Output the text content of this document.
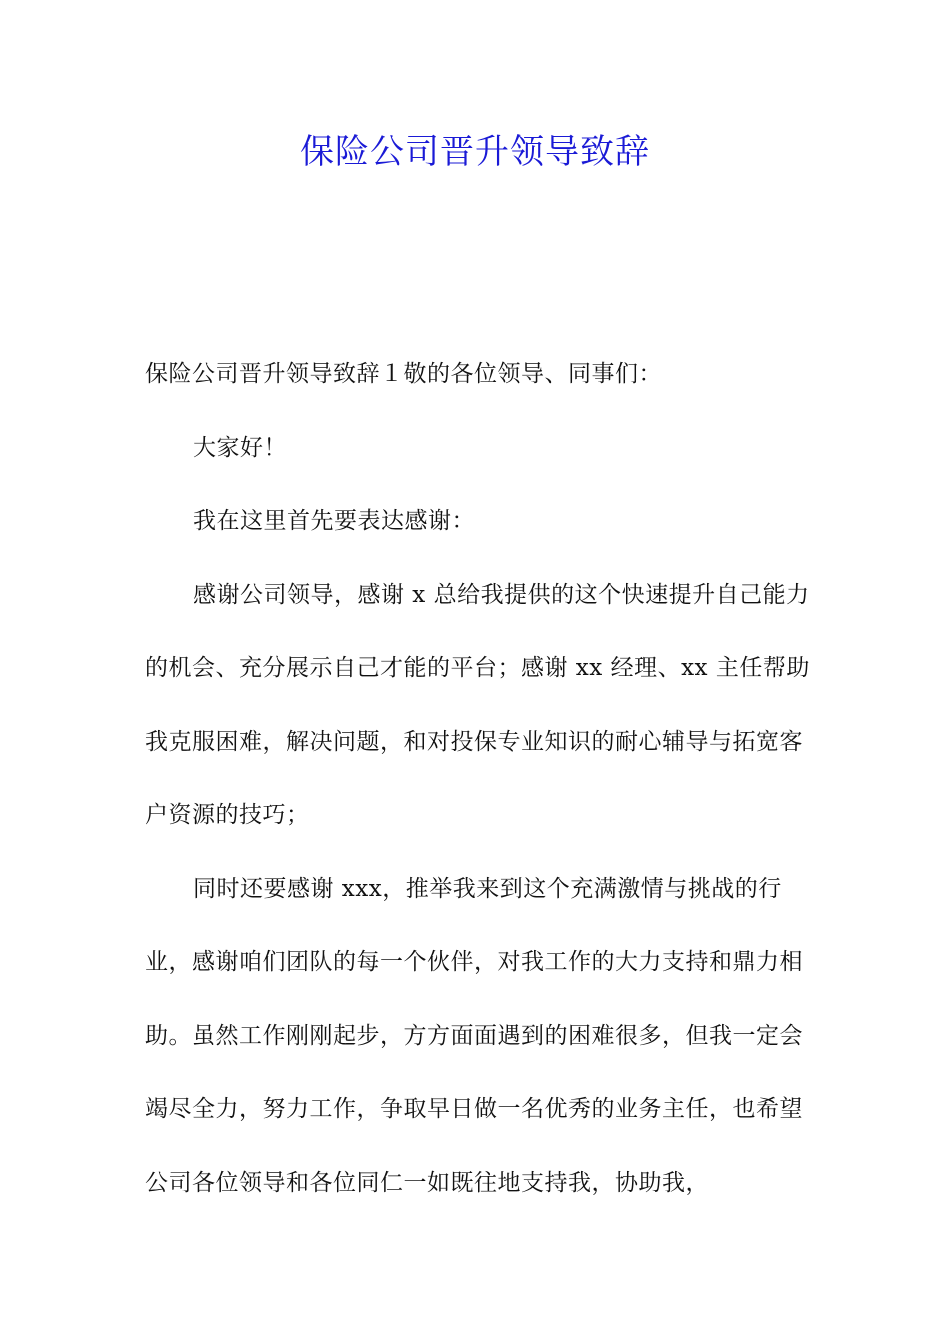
保险公司晋升领导致辞

保险公司晋升领导致辞１敬的各位领导、同事们：

大家好！

我在这里首先要表达感谢：

感谢公司领导，感谢 x 总给我提供的这个快速提升自己能力的机会、充分展示自己才能的平台；感谢 xx 经理、xx 主任帮助我克服困难，解决问题，和对投保专业知识的耐心辅导与拓宽客户资源的技巧；

同时还要感谢 xxx，推举我来到这个充满激情与挑战的行业，感谢咱们团队的每一个伙伴，对我工作的大力支持和鼎力相助。虽然工作刚刚起步，方方面面遇到的困难很多，但我一定会竭尽全力，努力工作，争取早日做一名优秀的业务主任，也希望公司各位领导和各位同仁一如既往地支持我，协助我，
